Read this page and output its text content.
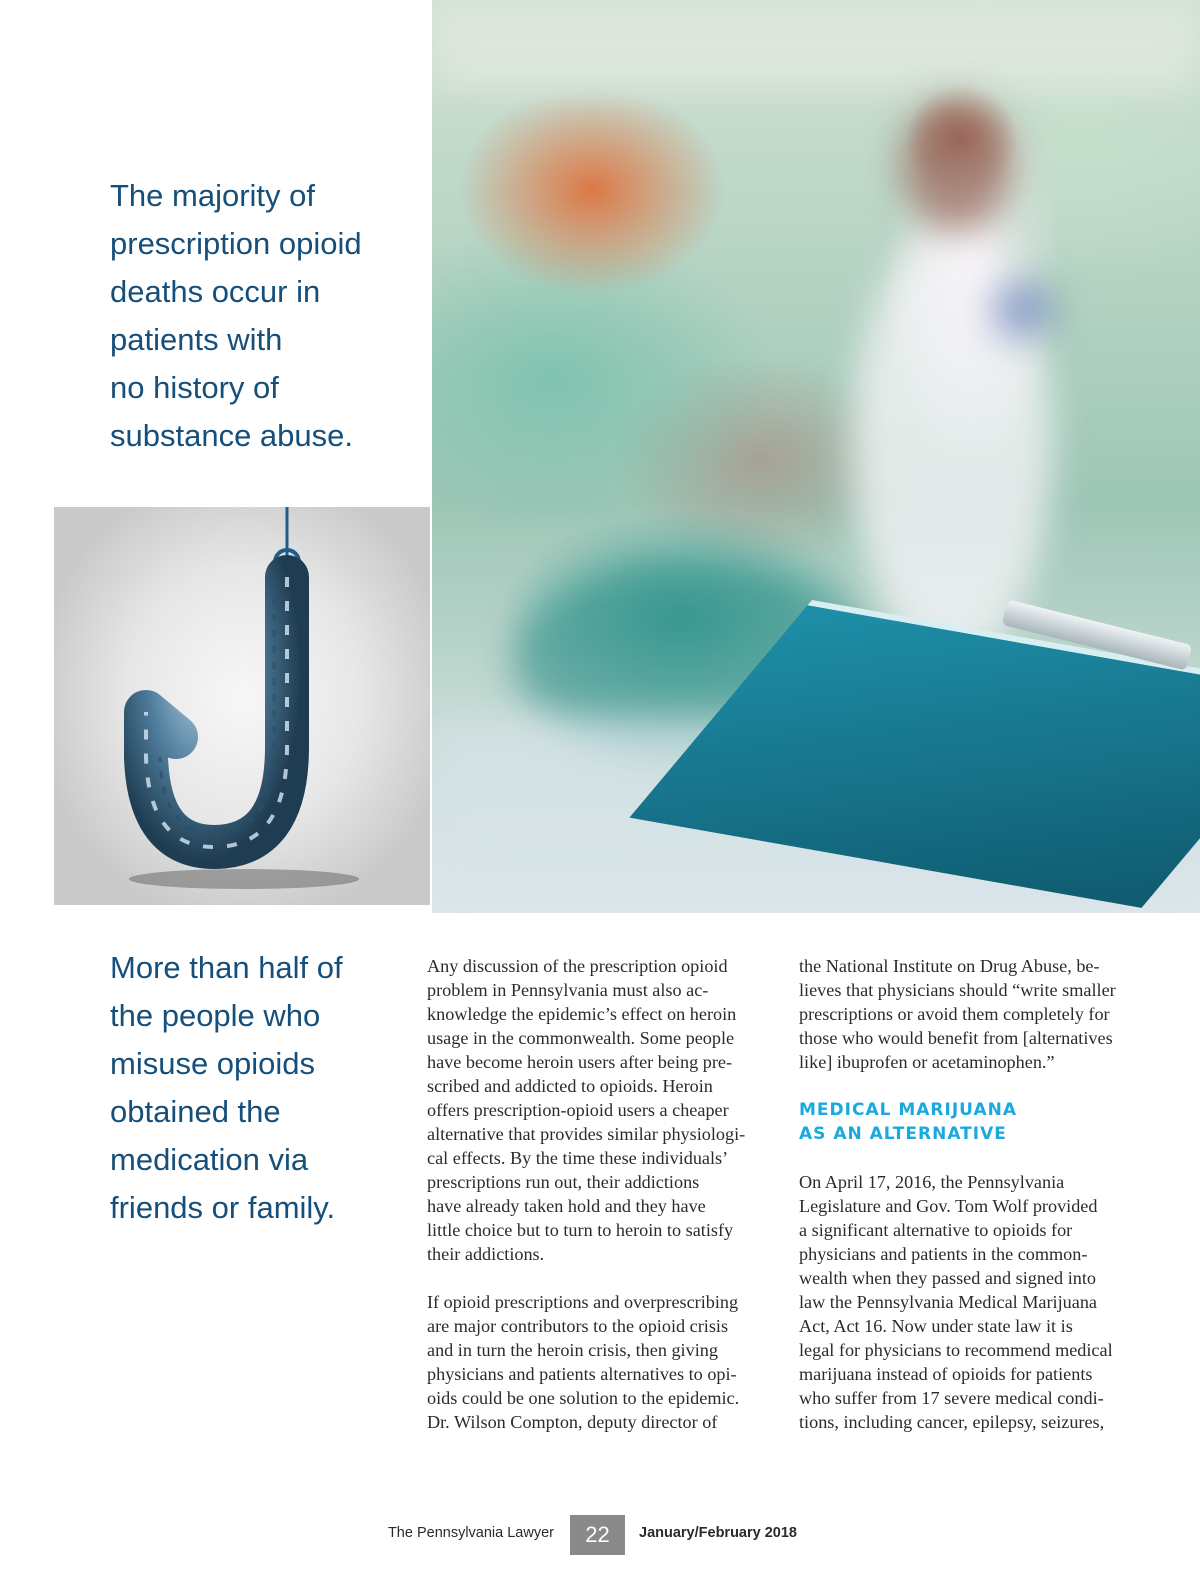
The majority of
prescription opioid
deaths occur in
patients with
no history of
substance abuse.

More than half of
the people who
misuse opioids
obtained the
medication via
friends or family.

Any discussion of the prescription opioid
problem in Pennsylvania must also ac-
knowledge the epidemic’s effect on heroin
usage in the commonwealth. Some people
have become heroin users after being pre-
scribed and addicted to opioids. Heroin
offers prescription-opioid users a cheaper
alternative that provides similar physiologi-
cal effects. By the time these individuals’
prescriptions run out, their addictions
have already taken hold and they have
little choice but to turn to heroin to satisfy
their addictions.

If opioid prescriptions and overprescribing
are major contributors to the opioid crisis
and in turn the heroin crisis, then giving
physicians and patients alternatives to opi-
oids could be one solution to the epidemic.
Dr. Wilson Compton, deputy director of

the National Institute on Drug Abuse, be-
lieves that physicians should “write smaller
prescriptions or avoid them completely for
those who would benefit from [alternatives
like] ibuprofen or acetaminophen.”

MEDICAL MARIJUANA
AS AN ALTERNATIVE

On April 17, 2016, the Pennsylvania
Legislature and Gov. Tom Wolf provided
a significant alternative to opioids for
physicians and patients in the common-
wealth when they passed and signed into
law the Pennsylvania Medical Marijuana
Act, Act 16. Now under state law it is
legal for physicians to recommend medical
marijuana instead of opioids for patients
who suffer from 17 severe medical condi-
tions, including cancer, epilepsy, seizures,

The Pennsylvania Lawyer	22	January/February 2018
